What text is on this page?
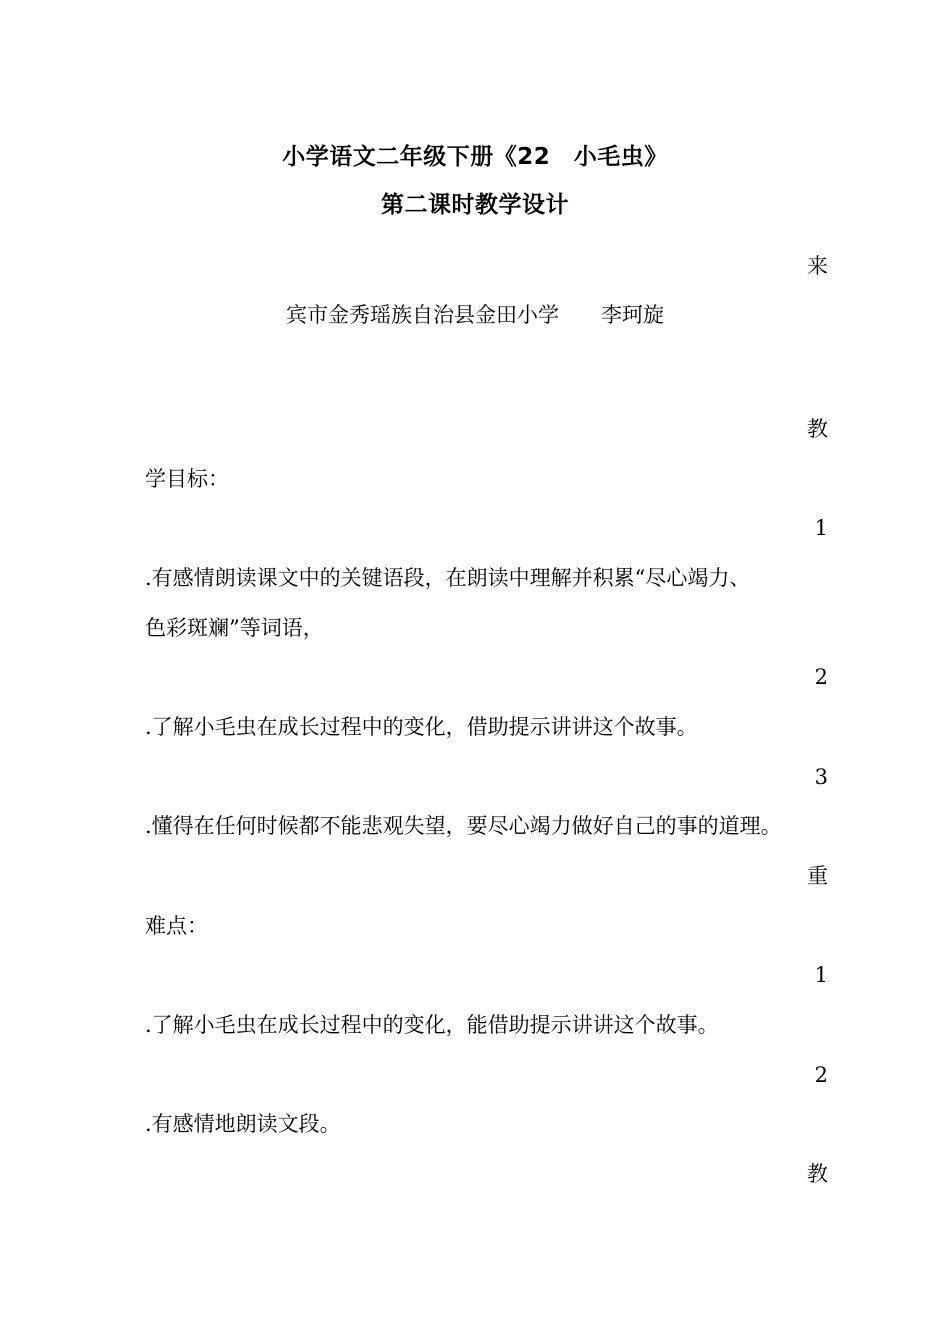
小学语文二年级下册《22　小毛虫》
第二课时教学设计
来
宾市金秀瑶族自治县金田小学　　李珂旋
教
学目标：
1
.有感情朗读课文中的关键语段，在朗读中理解并积累“尽心竭力、
色彩斑斓”等词语，
2
.了解小毛虫在成长过程中的变化，借助提示讲讲这个故事。
3
.懂得在任何时候都不能悲观失望，要尽心竭力做好自己的事的道理。
重
难点：
1
.了解小毛虫在成长过程中的变化，能借助提示讲讲这个故事。
2
.有感情地朗读文段。
教
